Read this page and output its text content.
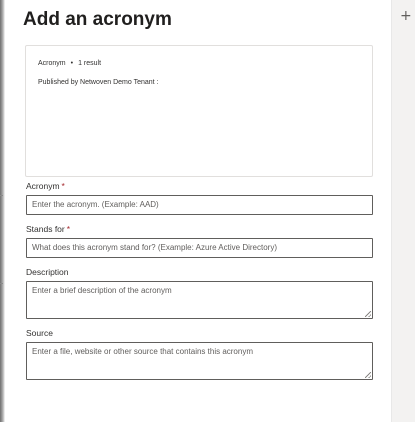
Add an acronym
Acronym • 1 result
Published by Netwoven Demo Tenant :
Acronym *
Enter the acronym. (Example: AAD)
Stands for *
What does this acronym stand for? (Example: Azure Active Directory)
Description
Enter a brief description of the acronym
Source
Enter a file, website or other source that contains this acronym
+
